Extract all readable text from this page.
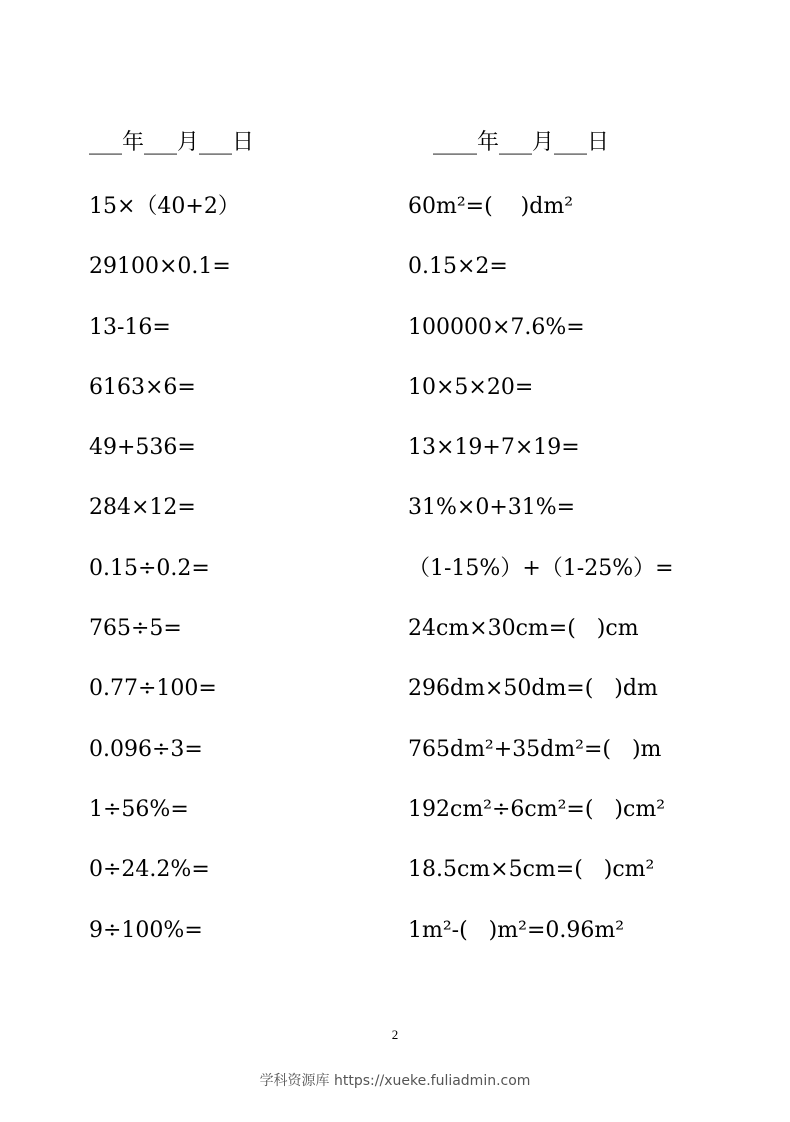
___年___月___日
15×（40+2）
29100×0.1=
13-16=
6163×6=
49+536=
284×12=
0.15÷0.2=
765÷5=
0.77÷100=
0.096÷3=
1÷56%=
0÷24.2%=
9÷100%=
____年___月___日
60m²=(    )dm²
0.15×2=
100000×7.6%=
10×5×20=
13×19+7×19=
31%×0+31%=
（1-15%）+（1-25%）=
24cm×30cm=(   )cm
296dm×50dm=(   )dm
765dm²+35dm²=(   )m
192cm²÷6cm²=(   )cm²
18.5cm×5cm=(   )cm²
1m²-(   )m²=0.96m²
2
学科资源库 https://xueke.fuliadmin.com
